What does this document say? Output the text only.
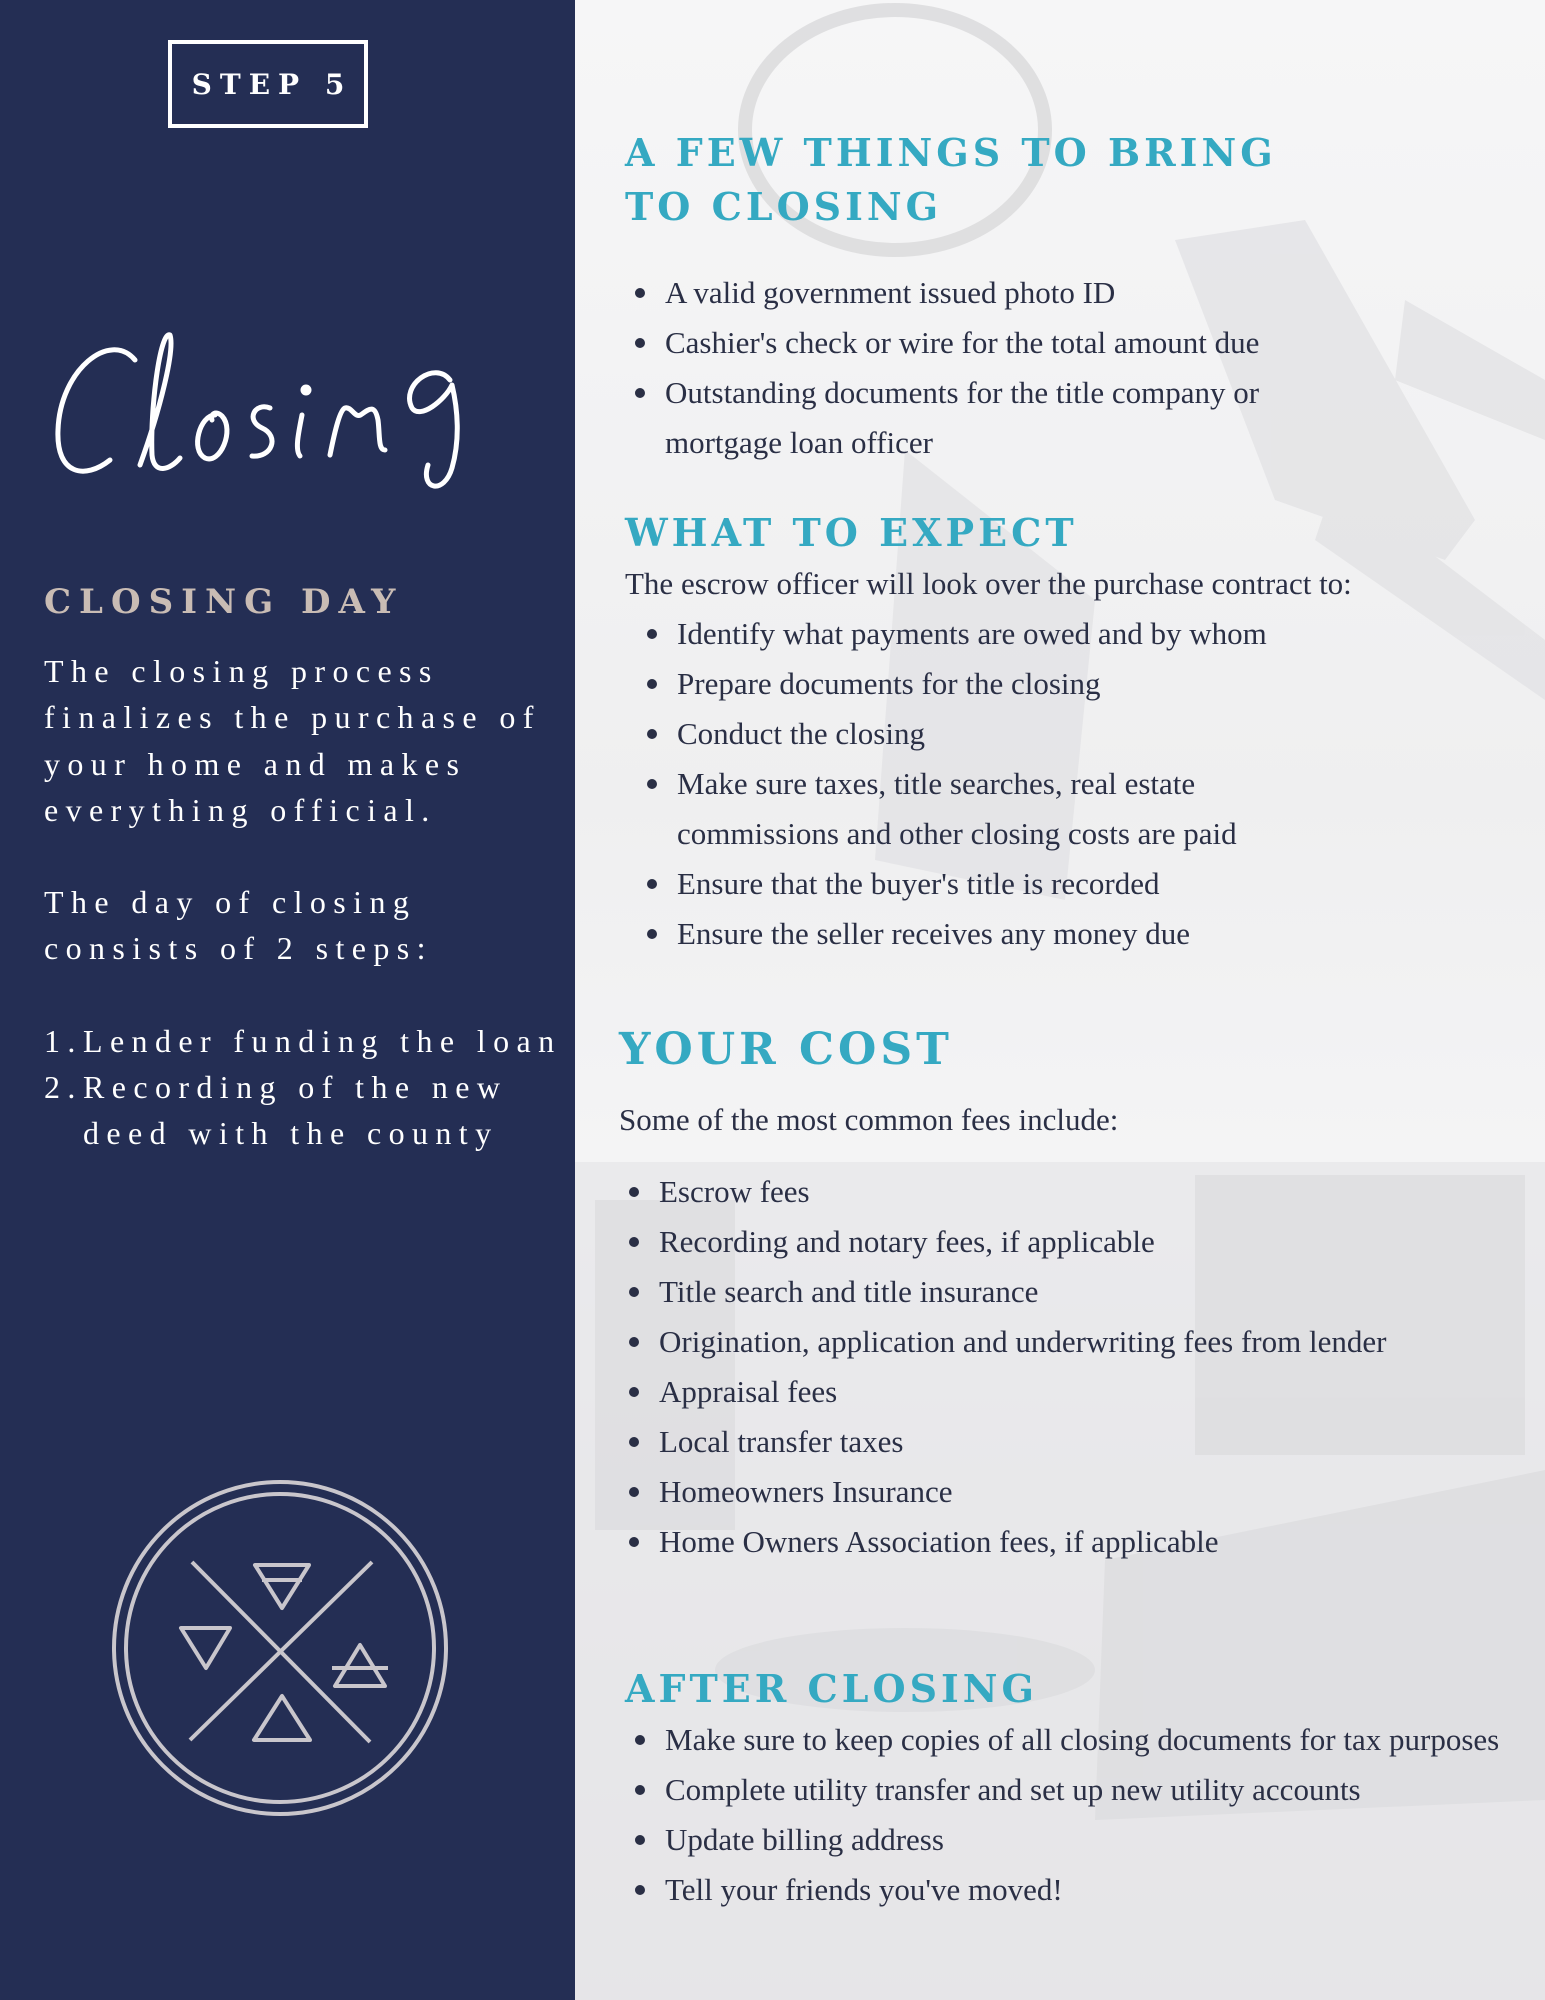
STEP 5
CLOSING DAY

The closing process finalizes the purchase of your home and makes everything official.

The day of closing consists of 2 steps:

1. Lender funding the loan
2. Recording of the new deed with the county
A FEW THINGS TO BRING TO CLOSING
A valid government issued photo ID
Cashier's check or wire for the total amount due
Outstanding documents for the title company or mortgage loan officer
WHAT TO EXPECT

The escrow officer will look over the purchase contract to:

Identify what payments are owed and by whom
Prepare documents for the closing
Conduct the closing
Make sure taxes, title searches, real estate commissions and other closing costs are paid
Ensure that the buyer's title is recorded
Ensure the seller receives any money due
YOUR COST

Some of the most common fees include:

Escrow fees
Recording and notary fees, if applicable
Title search and title insurance
Origination, application and underwriting fees from lender
Appraisal fees
Local transfer taxes
Homeowners Insurance
Home Owners Association fees, if applicable
AFTER CLOSING
Make sure to keep copies of all closing documents for tax purposes
Complete utility transfer and set up new utility accounts
Update billing address
Tell your friends you've moved!
